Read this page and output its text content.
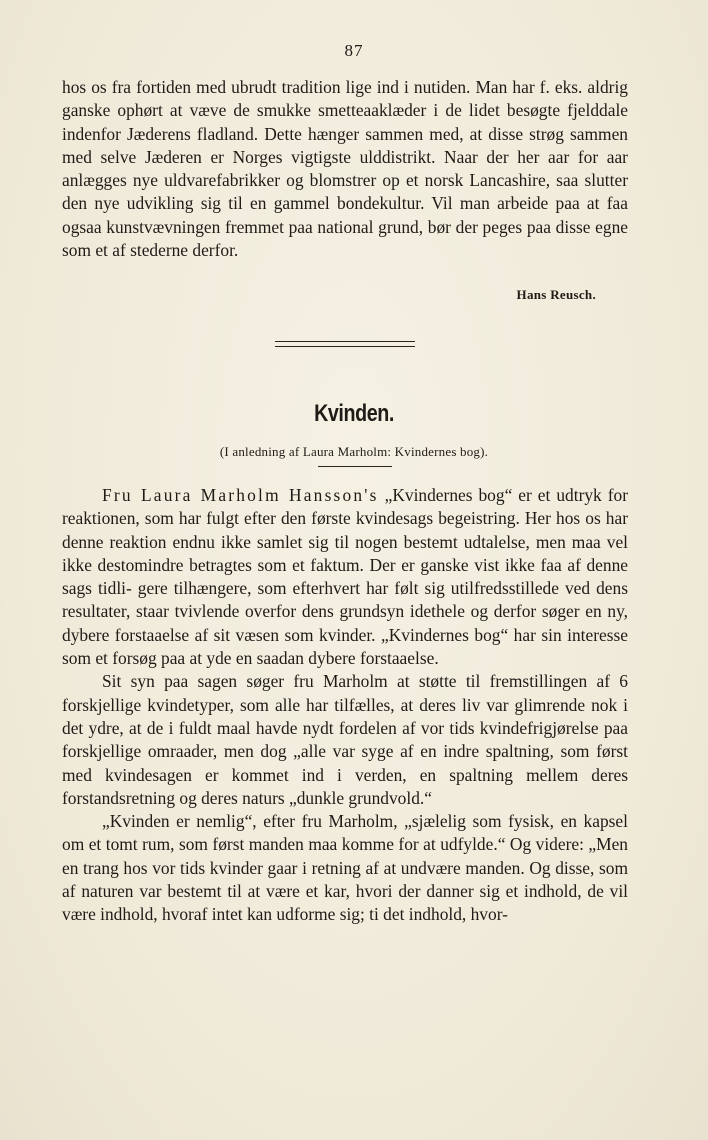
87

hos os fra fortiden med ubrudt tradition lige ind i nutiden. Man har f. eks. aldrig ganske ophørt at væve de smukke smetteaaklæder i de lidet besøgte fjelddale indenfor Jæderens fladland. Dette hænger sammen med, at disse strøg sammen med selve Jæderen er Norges vigtigste ulddistrikt. Naar der her aar for aar anlægges nye uldvarefabrikker og blomstrer op et norsk Lancashire, saa slutter den nye udvikling sig til en gammel bondekultur. Vil man arbeide paa at faa ogsaa kunstvævningen fremmet paa national grund, bør der peges paa disse egne som et af stederne derfor.

Hans Reusch.
Kvinden.
(I anledning af Laura Marholm: Kvindernes bog).

Fru Laura Marholm Hansson's „Kvindernes bog“ er et udtryk for reaktionen, som har fulgt efter den første kvindesags begeistring. Her hos os har denne reaktion endnu ikke samlet sig til nogen bestemt udtalelse, men maa vel ikke destomindre betragtes som et faktum. Der er ganske vist ikke faa af denne sags tidli- gere tilhængere, som efterhvert har følt sig utilfredsstillede ved dens resultater, staar tvivlende overfor dens grundsyn idethele og derfor søger en ny, dybere forstaaelse af sit væsen som kvinder. „Kvindernes bog“ har sin interesse som et forsøg paa at yde en saadan dybere forstaaelse.

Sit syn paa sagen søger fru Marholm at støtte til fremstillingen af 6 forskjellige kvindetyper, som alle har tilfælles, at deres liv var glimrende nok i det ydre, at de i fuldt maal havde nydt fordelen af vor tids kvindefrigjørelse paa forskjellige omraader, men dog „alle var syge af en indre spaltning, som først med kvindesagen er kommet ind i verden, en spaltning mellem deres forstandsretning og deres naturs „dunkle grundvold.“

„Kvinden er nemlig“, efter fru Marholm, „sjælelig som fysisk, en kapsel om et tomt rum, som først manden maa komme for at udfylde.“ Og videre: „Men en trang hos vor tids kvinder gaar i retning af at undvære manden. Og disse, som af naturen var bestemt til at være et kar, hvori der danner sig et indhold, de vil være indhold, hvoraf intet kan udforme sig; ti det indhold, hvor-
